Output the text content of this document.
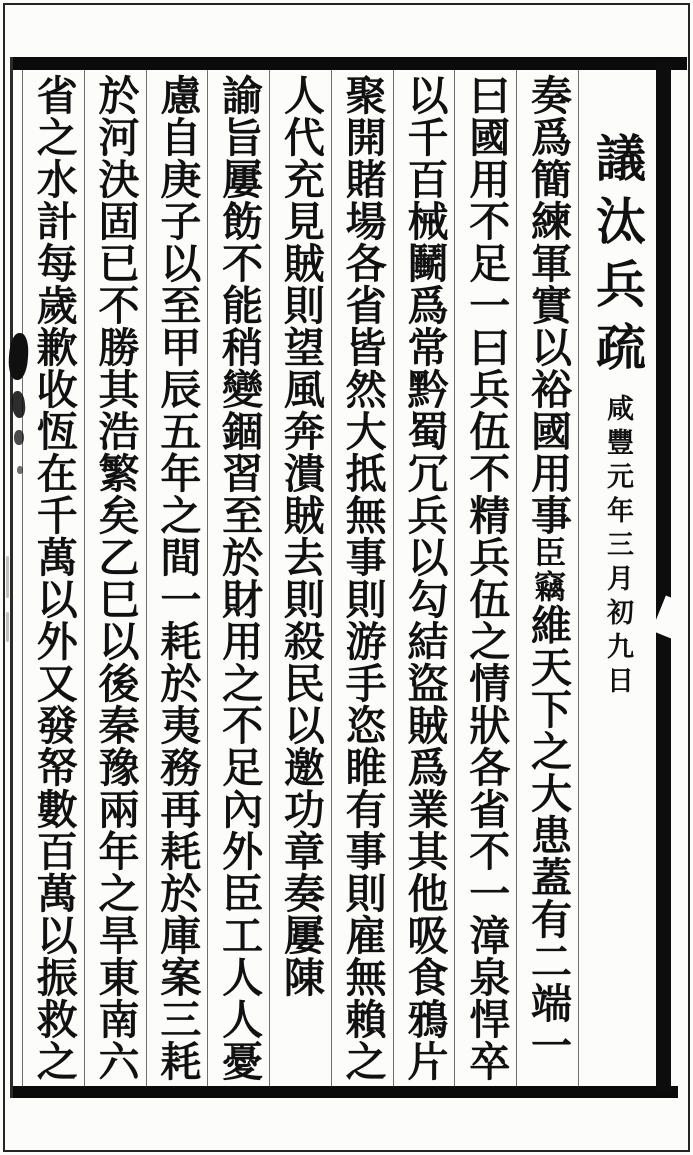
議汰兵疏咸豐元年三月初九日
奏爲簡練軍實以裕國用事臣竊維天下之大患蓋有二端一
曰國用不足一曰兵伍不精兵伍之情狀各省不一漳泉悍卒
以千百械鬭爲常黔蜀冗兵以勾結盜賊爲業其他吸食鴉片
聚開賭場各省皆然大抵無事則游手恣睢有事則雇無賴之
人代充見賊則望風奔潰賊去則殺民以邀功章奏屢陳
諭旨屢飭不能稍變錮習至於財用之不足內外臣工人人憂
慮自庚子以至甲辰五年之間一耗於夷務再耗於庫案三耗
於河決固已不勝其浩繁矣乙巳以後秦豫兩年之旱東南六
省之水計每歲歉收恆在千萬以外又發帑數百萬以振救之
